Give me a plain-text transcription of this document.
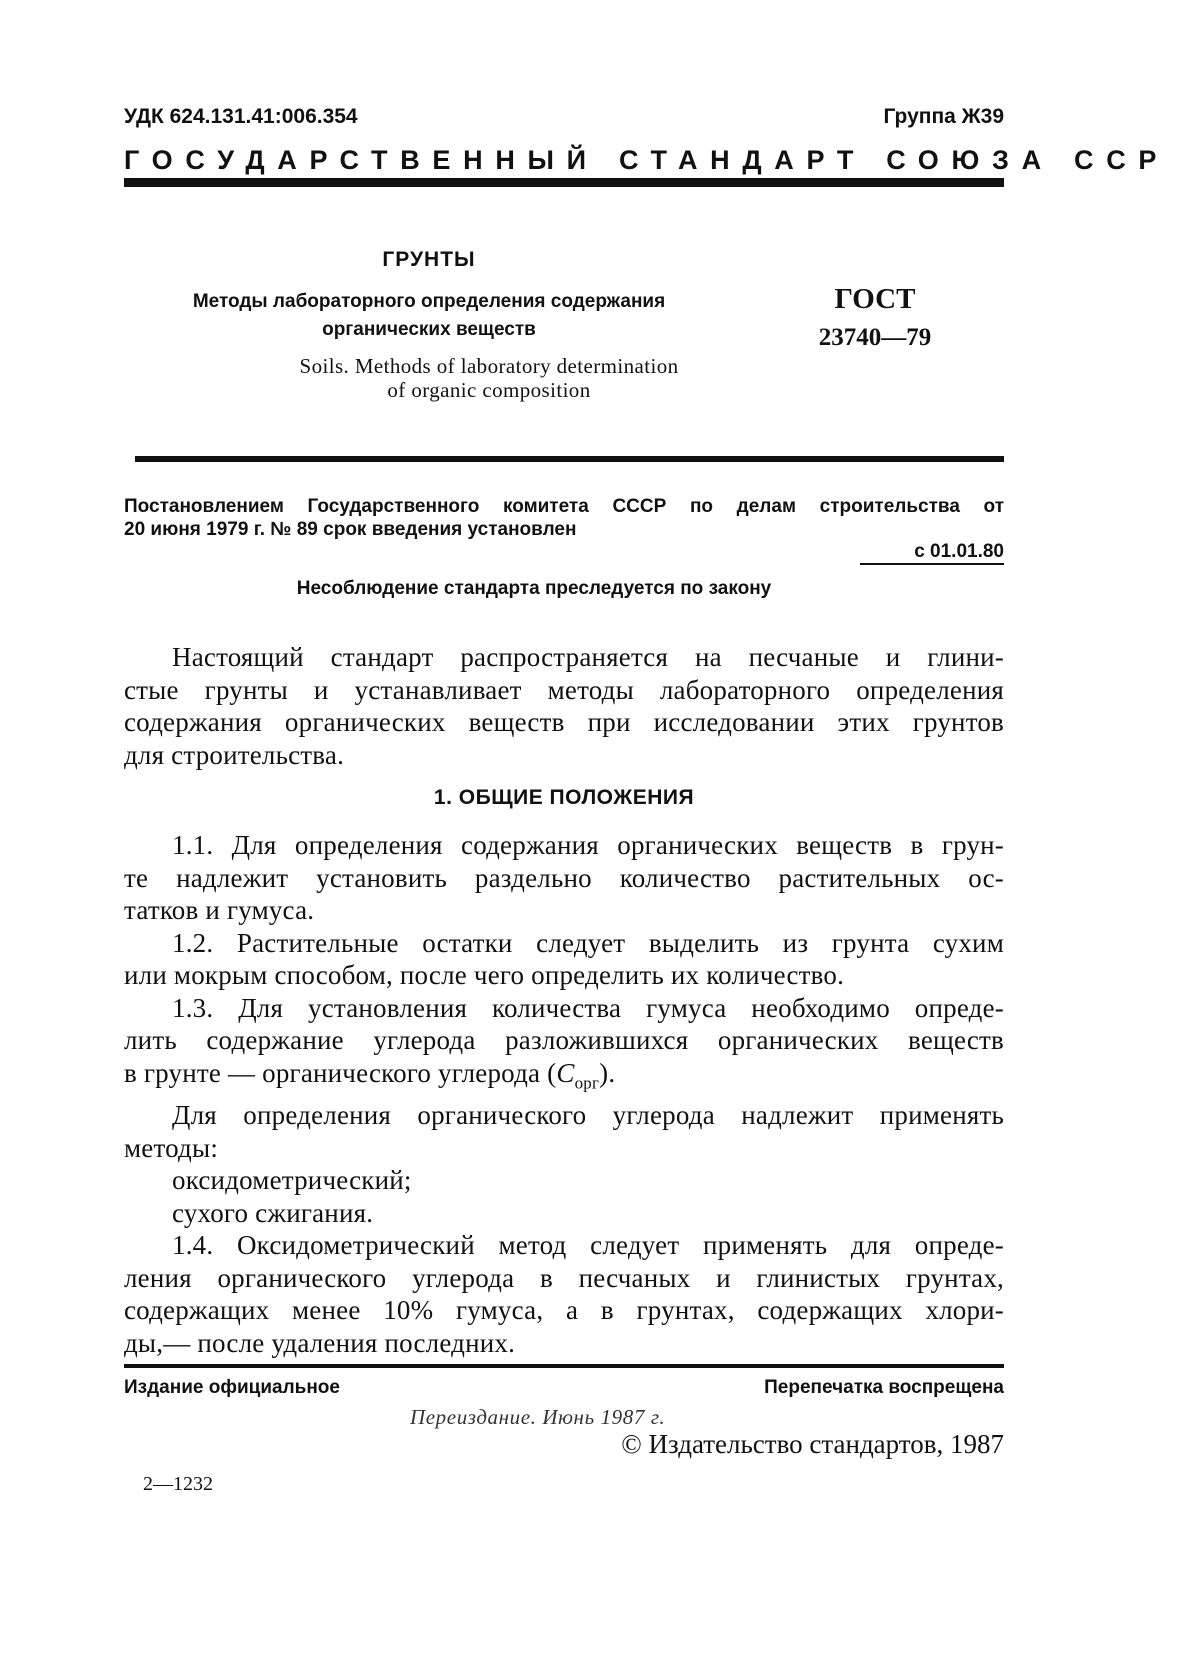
УДК 624.131.41:006.354	Группа Ж39
ГОСУДАРСТВЕННЫЙ СТАНДАРТ СОЮЗА ССР
ГРУНТЫ
Методы лабораторного определения содержания
органических веществ
Soils. Methods of laboratory determination
of organic composition
ГОСТ
23740—79
Постановлением Государственного комитета СССР по делам строительства от
20 июня 1979 г. № 89 срок введения установлен
с 01.01.80
Несоблюдение стандарта преследуется по закону
Настоящий стандарт распространяется на песчаные и глини-
стые грунты и устанавливает методы лабораторного определения
содержания органических веществ при исследовании этих грунтов
для строительства.
1. ОБЩИЕ ПОЛОЖЕНИЯ
1.1. Для определения содержания органических веществ в грун-
те надлежит установить раздельно количество растительных ос-
татков и гумуса.
1.2. Растительные остатки следует выделить из грунта сухим
или мокрым способом, после чего определить их количество.
1.3. Для установления количества гумуса необходимо опреде-
лить содержание углерода разложившихся органических веществ
в грунте — органического углерода $(C_{орг})$.
Для определения органического углерода надлежит применять
методы:
оксидометрический;
сухого сжигания.
1.4. Оксидометрический метод следует применять для опреде-
ления органического углерода в песчаных и глинистых грунтах,
содержащих менее 10% гумуса, а в грунтах, содержащих хлори-
ды,— после удаления последних.
Издание официальное	Перепечатка воспрещена
Переиздание. Июнь 1987 г.
© Издательство стандартов, 1987
2—1232
